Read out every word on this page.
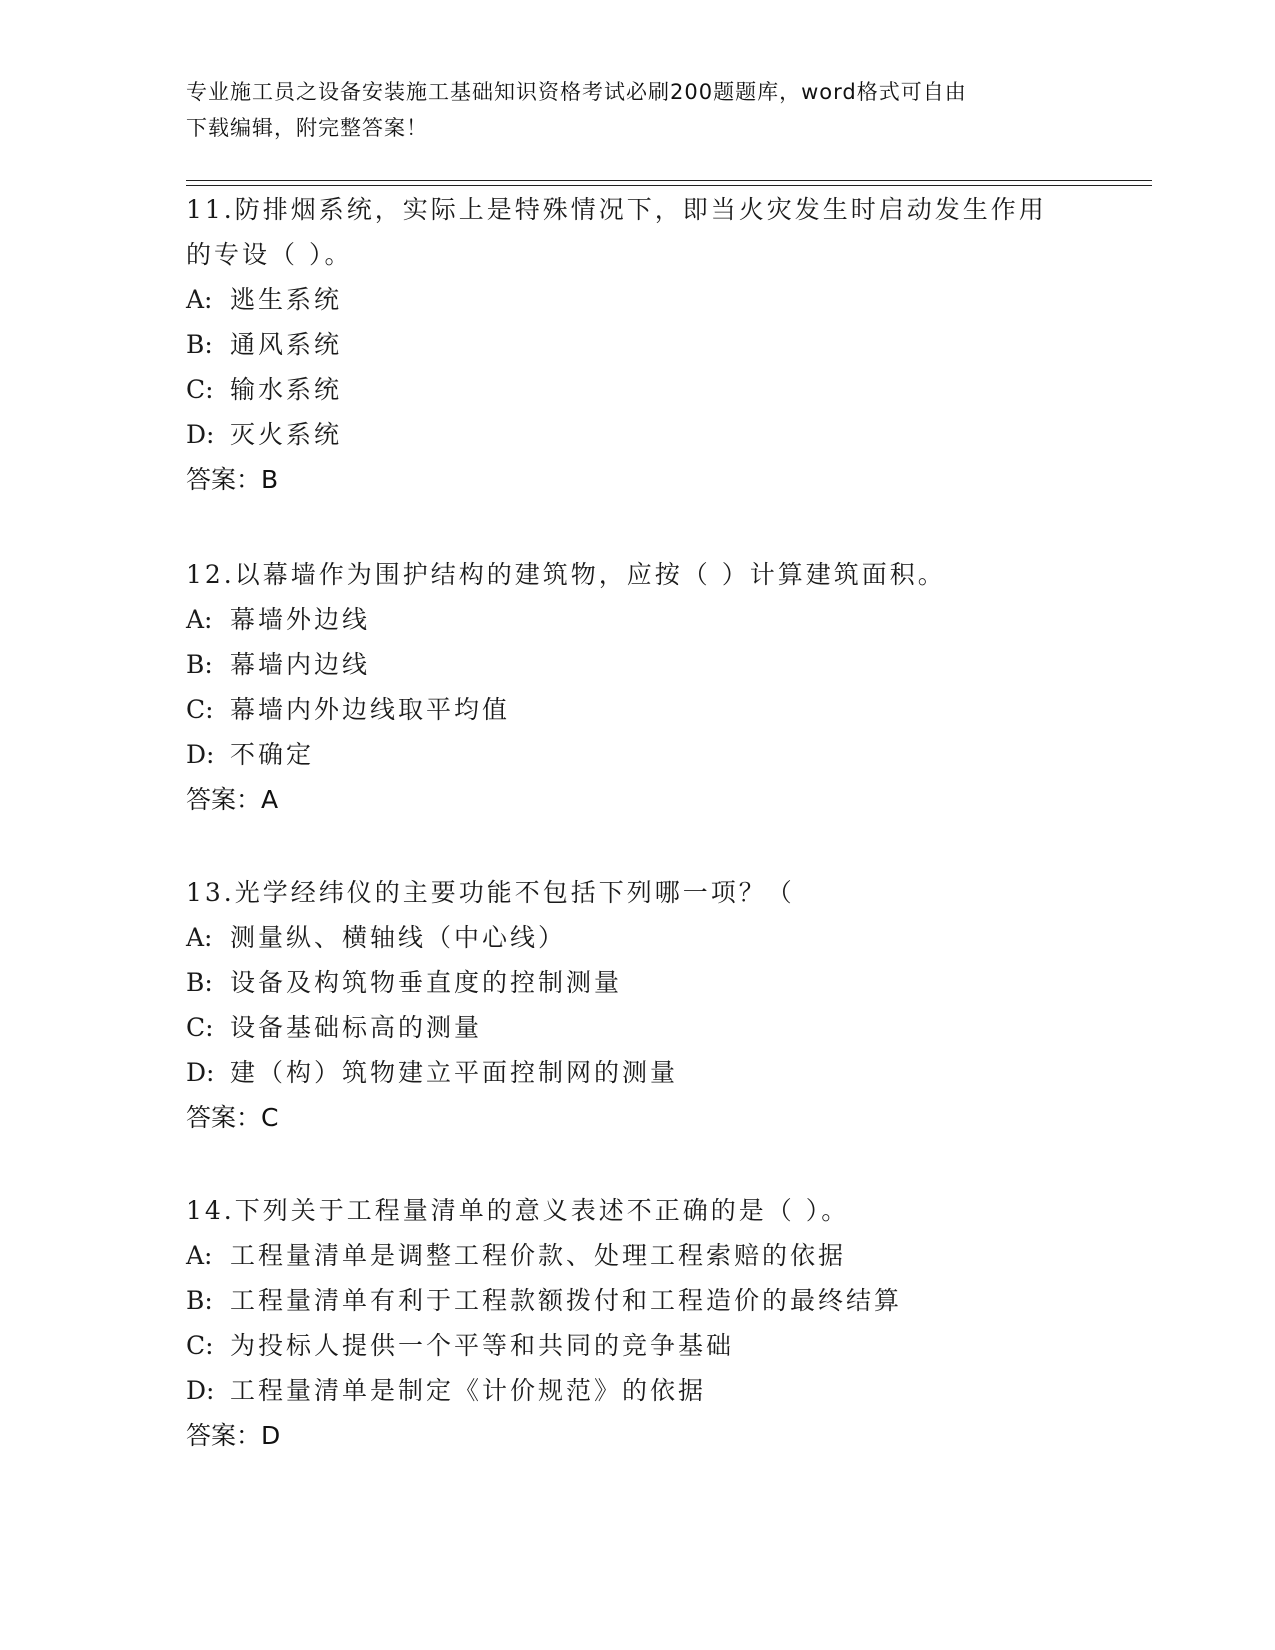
专业施工员之设备安装施工基础知识资格考试必刷200题题库，word格式可自由

下载编辑，附完整答案！

11.防排烟系统，实际上是特殊情况下，即当火灾发生时启动发生作用

的专设（ ）。

A: 逃生系统

B: 通风系统

C: 输水系统

D: 灭火系统

答案：B

12.以幕墙作为围护结构的建筑物，应按（ ）计算建筑面积。

A: 幕墙外边线

B: 幕墙内边线

C: 幕墙内外边线取平均值

D: 不确定

答案：A

13.光学经纬仪的主要功能不包括下列哪一项？（

A: 测量纵、横轴线（中心线）

B: 设备及构筑物垂直度的控制测量

C: 设备基础标高的测量

D: 建（构）筑物建立平面控制网的测量

答案：C

14.下列关于工程量清单的意义表述不正确的是（ ）。

A: 工程量清单是调整工程价款、处理工程索赔的依据

B: 工程量清单有利于工程款额拨付和工程造价的最终结算

C: 为投标人提供一个平等和共同的竞争基础

D: 工程量清单是制定《计价规范》的依据

答案：D
